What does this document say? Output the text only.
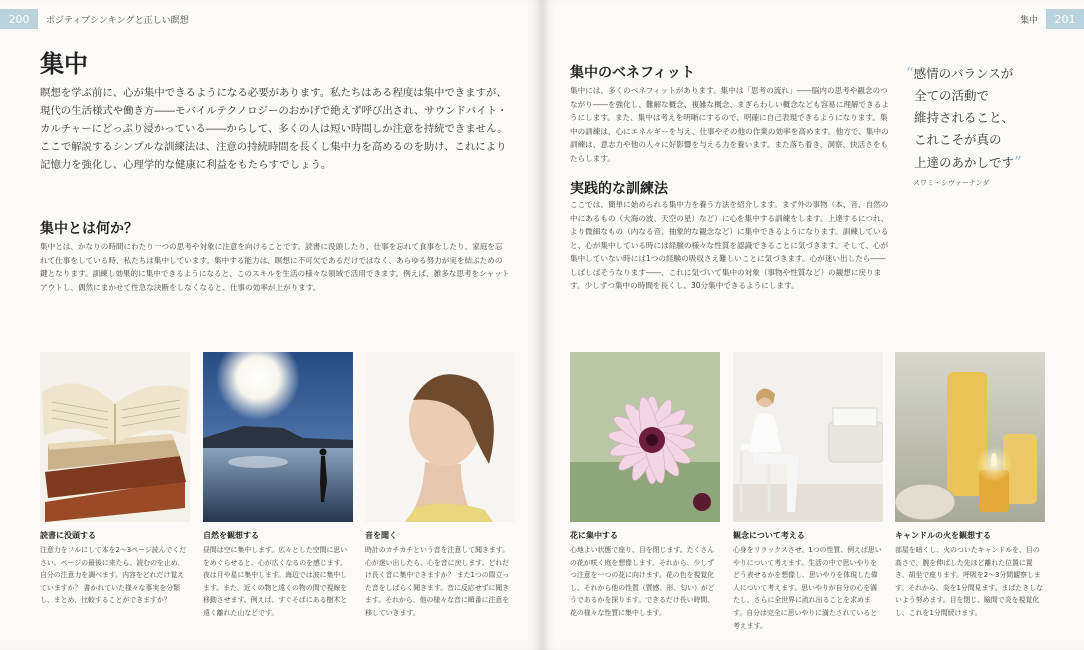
200	ポジティブシンキングと正しい瞑想
集中
瞑想を学ぶ前に、心が集中できるようになる必要があります。私たちはある程度は集中できますが、現代の生活様式や働き方――モバイルテクノロジーのおかげで絶えず呼び出され、サウンドバイト・カルチャーにどっぷり浸かっている――からして、多くの人は短い時間しか注意を持続できません。ここで解説するシンプルな訓練法は、注意の持続時間を長くし集中力を高めるのを助け、これにより記憶力を強化し、心理学的な健康に利益をもたらすでしょう。
集中とは何か？
集中とは、かなりの時間にわたり一つの思考や対象に注意を向けることです。読書に没頭したり、仕事を忘れて食事をしたり、家庭を忘れて仕事をしている時、私たちは集中しています。集中する能力は、瞑想に不可欠であるだけではなく、あらゆる努力が実を結ぶための鍵となります。訓練し効果的に集中できるようになると、このスキルを生活の様々な領域で活用できます。例えば、雑多な思考をシャットアウトし、偶然にまかせて性急な決断をしなくなると、仕事の効率が上がります。
読書に没頭する
注意力をフルにして本を2～3ページ読んでください。ページの最後に来たら、読むのを止め、自分の注意力を調べます。内容をどれだけ覚えていますか？ 書かれていた様々な事実を分類し、まとめ、比較することができますか？
自然を観想する
昼間は空に集中します。広々とした空間に思いをめぐらせると、心が広くなるのを感じます。夜は月や星に集中します。海辺では波に集中します。また、近くの物と遠くの物の間で視線を移動させます。例えば、すぐそばにある樹木と遠く離れた山などです。
音を聞く
時計のカチカチという音を注意して聞きます。心が迷い出したら、心を音に戻します。どれだけ長く音に集中できますか？ また1つの際立った音をしばらく聞きます。音に反応せずに聞きます。それから、他の様々な音に順番に注意を移していきます。
集中	201
集中のベネフィット
集中には、多くのベネフィットがあります。集中は「思考の流れ」――脳内の思考や観念のつながり――を強化し、難解な概念、複雑な概念、まぎらわしい概念なども容易に理解できるようにします。また、集中は考えを明晰にするので、明確に自己表現できるようになります。集中の訓練は、心にエネルギーを与え、仕事やその他の作業の効率を高めます。他方で、集中の訓練は、意志力や他の人々に好影響を与える力を養います。また落ち着き、洞察、快活さをもたらします。
実践的な訓練法
ここでは、簡単に始められる集中力を養う方法を紹介します。まず外の事物（本、音、自然の中にあるもの（大海の波、天空の星）など）に心を集中する訓練をします。上達するにつれ、より微細なもの（内なる音、抽象的な観念など）に集中できるようになります。訓練していると、心が集中している時には経験の様々な性質を認識できることに気づきます。そして、心が集中していない時には1つの経験の吸収さえ難しいことに気づきます。心が迷い出したら――しばしばそうなります――、これに気づいて集中の対象（事物や性質など）の観想に戻ります。少しずつ集中の時間を長くし、30分集中できるようにします。
花に集中する
心地よい状態で座り、目を閉じます。たくさんの花が咲く庭を想像します。それから、少しずつ注意を一つの花に向けます。花の色を視覚化し、それから他の性質（質感、形、匂い）がどうであるかを探ります。できるだけ長い時間、花の様々な性質に集中します。
観念について考える
心身をリラックスさせ、1つの性質、例えば思いやりについて考えます。生活の中で思いやりをどう表せるかを想像し、思いやりを体現した偉人について考えます。思いやりが自分の心を満たし、さらに全世界に流れ出ることを求めます。自分は完全に思いやりに満たされていると考えます。
キャンドルの火を観想する
部屋を暗くし、火のついたキャンドルを、目の高さで、腕を伸ばした先ほど離れた位置に置き、胡坐で座ります。呼吸を2～3分間観察します。それから、炎を1分間見ます。まばたきしないよう努めます。目を閉じ、瞼間で炎を視覚化し、これを1分間続けます。
“感情のバランスが
全ての活動で
維持されること、
これこそが真の
上達のあかしです”
スワミ・シヴァーナンダ
